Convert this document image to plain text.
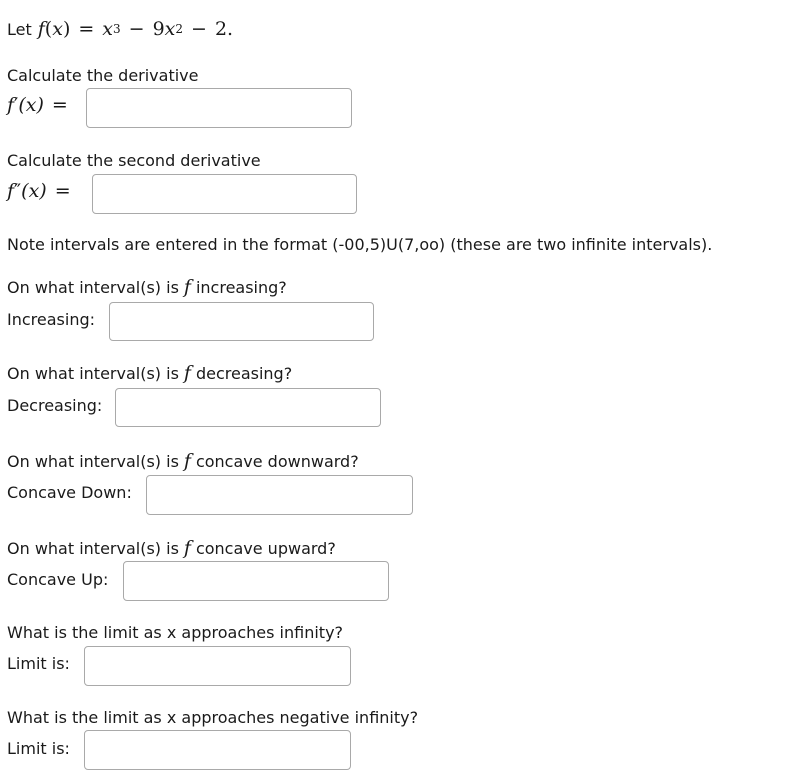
Let f ( x ) = x 3 − 9 x 2 − 2.
Calculate the derivative
f ′ (x) =
Calculate the second derivative
f ″ (x) =
Note intervals are entered in the format (-00,5)U(7,oo) (these are two infinite intervals).
On what interval(s) is f increasing?
Increasing:
On what interval(s) is f decreasing?
Decreasing:
On what interval(s) is f concave downward?
Concave Down:
On what interval(s) is f concave upward?
Concave Up:
What is the limit as x approaches infinity?
Limit is:
What is the limit as x approaches negative infinity?
Limit is:
